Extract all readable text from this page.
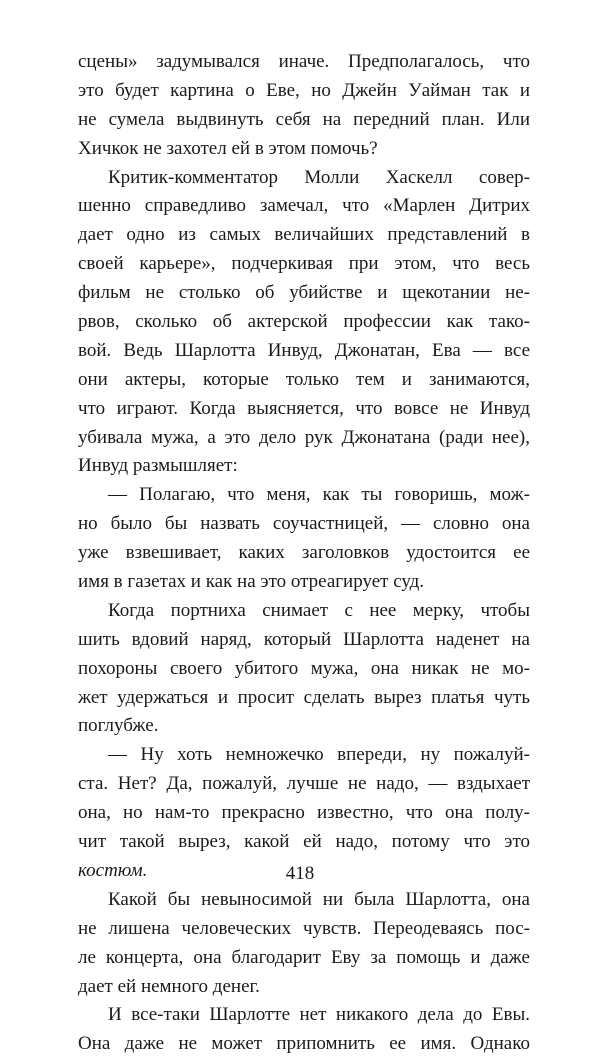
сцены» задумывался иначе. Предполагалось, что
это будет картина о Еве, но Джейн Уайман так и
не сумела выдвинуть себя на передний план. Или
Хичкок не захотел ей в этом помочь?
Критик-комментатор Молли Хаскелл совер-
шенно справедливо замечал, что «Марлен Дитрих
дает одно из самых величайших представлений в
своей карьере», подчеркивая при этом, что весь
фильм не столько об убийстве и щекотании не-
рвов, сколько об актерской профессии как тако-
вой. Ведь Шарлотта Инвуд, Джонатан, Ева — все
они актеры, которые только тем и занимаются,
что играют. Когда выясняется, что вовсе не Инвуд
убивала мужа, а это дело рук Джонатана (ради нее),
Инвуд размышляет:
— Полагаю, что меня, как ты говоришь, мож-
но было бы назвать соучастницей, — словно она
уже взвешивает, каких заголовков удостоится ее
имя в газетах и как на это отреагирует суд.
Когда портниха снимает с нее мерку, чтобы
шить вдовий наряд, который Шарлотта наденет на
похороны своего убитого мужа, она никак не мо-
жет удержаться и просит сделать вырез платья чуть
поглубже.
— Ну хоть немножечко впереди, ну пожалуй-
ста. Нет? Да, пожалуй, лучше не надо, — вздыхает
она, но нам-то прекрасно известно, что она полу-
чит такой вырез, какой ей надо, потому что это
костюм.
Какой бы невыносимой ни была Шарлотта, она
не лишена человеческих чувств. Переодеваясь пос-
ле концерта, она благодарит Еву за помощь и даже
дает ей немного денег.
И все-таки Шарлотте нет никакого дела до Евы.
Она даже не может припомнить ее имя. Однако
418
